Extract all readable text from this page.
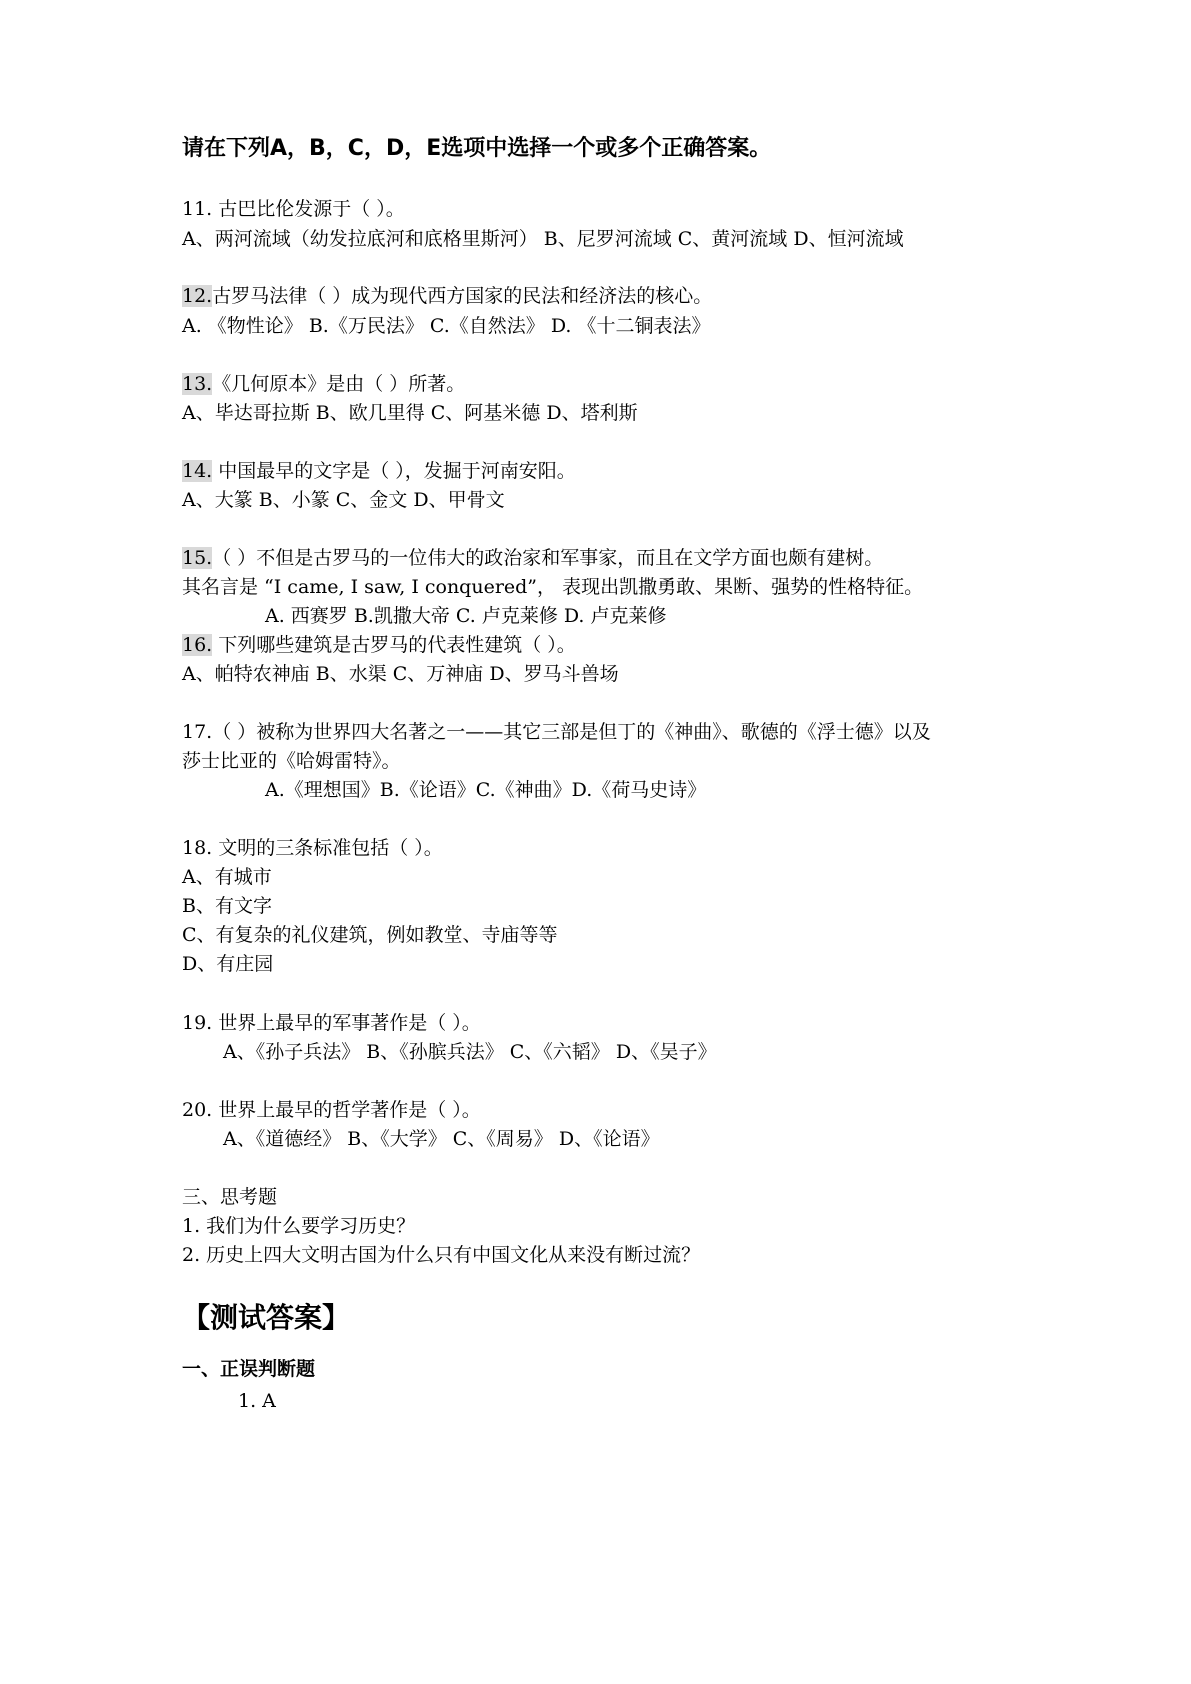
请在下列A，B，C，D，E选项中选择一个或多个正确答案。
11. 古巴比伦发源于（ ）。
A、两河流域（幼发拉底河和底格里斯河） B、尼罗河流域 C、黄河流域 D、恒河流域
12.古罗马法律（ ）成为现代西方国家的民法和经济法的核心。
A. 《物性论》 B.《万民法》 C.《自然法》 D. 《十二铜表法》
13.《几何原本》是由（ ）所著。
A、毕达哥拉斯 B、欧几里得 C、阿基米德 D、塔利斯
14. 中国最早的文字是（ ），发掘于河南安阳。
A、大篆 B、小篆 C、金文 D、甲骨文
15.（ ）不但是古罗马的一位伟大的政治家和军事家，而且在文学方面也颇有建树。
其名言是 “I came, I saw, I conquered”， 表现出凯撒勇敢、果断、强势的性格特征。
A. 西赛罗 B.凯撒大帝 C. 卢克莱修 D. 卢克莱修
16. 下列哪些建筑是古罗马的代表性建筑（ ）。
A、帕特农神庙 B、水渠 C、万神庙 D、罗马斗兽场
17.（ ）被称为世界四大名著之一——其它三部是但丁的《神曲》、歌德的《浮士德》以及
莎士比亚的《哈姆雷特》。
A.《理想国》B.《论语》C.《神曲》D.《荷马史诗》
18. 文明的三条标准包括（ ）。
A、有城市
B、有文字
C、有复杂的礼仪建筑，例如教堂、寺庙等等
D、有庄园
19. 世界上最早的军事著作是（ ）。
A、《孙子兵法》 B、《孙膑兵法》 C、《六韬》 D、《吴子》
20. 世界上最早的哲学著作是（ ）。
A、《道德经》 B、《大学》 C、《周易》 D、《论语》
三、思考题
1. 我们为什么要学习历史？
2. 历史上四大文明古国为什么只有中国文化从来没有断过流？
【测试答案】
一、正误判断题
1. A
